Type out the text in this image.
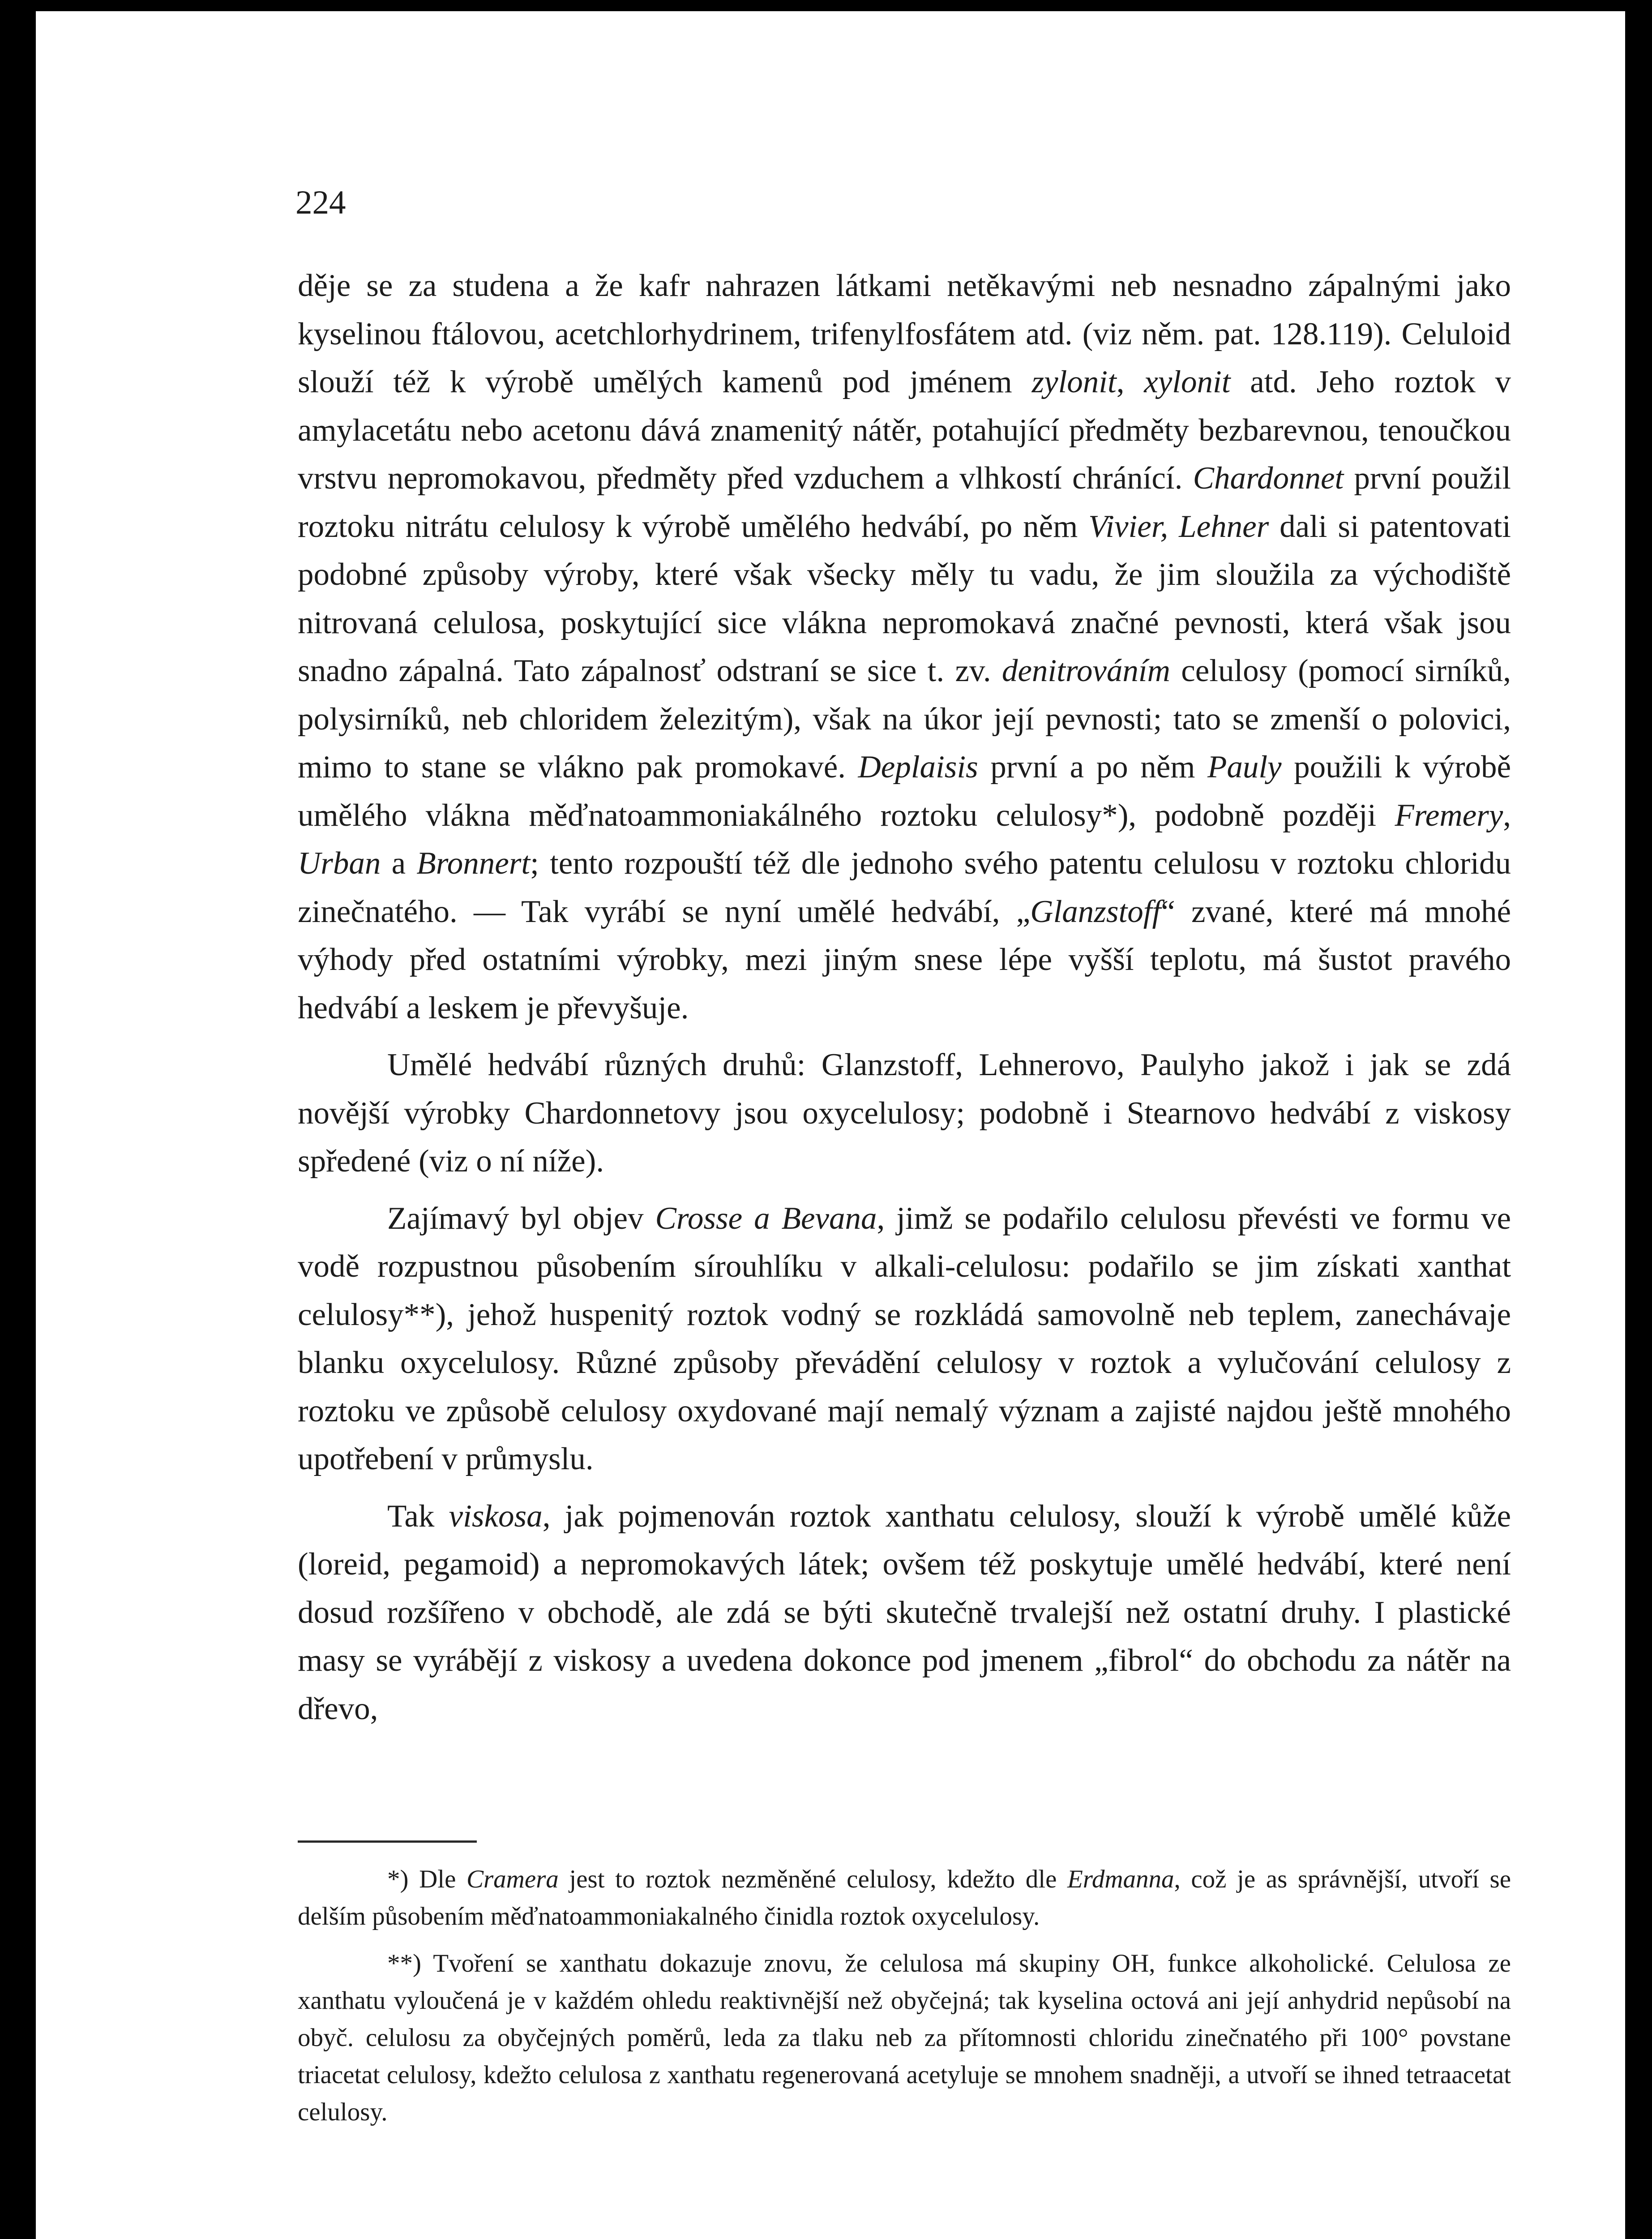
224

děje se za studena a že kafr nahrazen látkami netěkavými neb nesnadno zápalnými jako kyselinou ftálovou, acetchlorhydrinem, trifenylfosfátem atd. (viz něm. pat. 128.119). Celuloid slouží též k výrobě umělých kamenů pod jménem zylonit, xylonit atd. Jeho roztok v amylacetátu nebo acetonu dává znamenitý nátěr, potahující předměty bezbarevnou, tenoučkou vrstvu nepromokavou, předměty před vzduchem a vlhkostí chránící. Chardonnet první použil roztoku nitrátu celulosy k výrobě umělého hedvábí, po něm Vivier, Lehner dali si patentovati podobné způsoby výroby, které však všecky měly tu vadu, že jim sloužila za východiště nitrovaná celulosa, poskytující sice vlákna nepromokavá značné pevnosti, která však jsou snadno zápalná. Tato zápalnosť odstraní se sice t. zv. denitrováním celulosy (pomocí sirníků, polysirníků, neb chloridem železitým), však na úkor její pevnosti; tato se zmenší o polovici, mimo to stane se vlákno pak promokavé. Deplaisis první a po něm Pauly použili k výrobě umělého vlákna měďnatoammoniakálného roztoku celulosy*), podobně později Fremery, Urban a Bronnert; tento rozpouští též dle jednoho svého patentu celulosu v roztoku chloridu zinečnatého. — Tak vyrábí se nyní umělé hedvábí, „Glanzstoff“ zvané, které má mnohé výhody před ostatními výrobky, mezi jiným snese lépe vyšší teplotu, má šustot pravého hedvábí a leskem je převyšuje.

Umělé hedvábí různých druhů: Glanzstoff, Lehnerovo, Paulyho jakož i jak se zdá novější výrobky Chardonnetovy jsou oxycelulosy; podobně i Stearnovo hedvábí z viskosy spředené (viz o ní níže).

Zajímavý byl objev Crosse a Bevana, jimž se podařilo celulosu převésti ve formu ve vodě rozpustnou působením sírouhlíku v alkali-celulosu: podařilo se jim získati xanthat celulosy**), jehož huspenitý roztok vodný se rozkládá samovolně neb teplem, zanechávaje blanku oxycelulosy. Různé způsoby převádění celulosy v roztok a vylučování celulosy z roztoku ve způsobě celulosy oxydované mají nemalý význam a zajisté najdou ještě mnohého upotřebení v průmyslu.

Tak viskosa, jak pojmenován roztok xanthatu celulosy, slouží k výrobě umělé kůže (loreid, pegamoid) a nepromokavých látek; ovšem též poskytuje umělé hedvábí, které není dosud rozšířeno v obchodě, ale zdá se býti skutečně trvalejší než ostatní druhy. I plastické masy se vyrábějí z viskosy a uvedena dokonce pod jmenem „fibrol“ do obchodu za nátěr na dřevo,

*) Dle Cramera jest to roztok nezměněné celulosy, kdežto dle Erdmanna, což je as správnější, utvoří se delším působením měďnatoammoniakalného činidla roztok oxycelulosy.

**) Tvoření se xanthatu dokazuje znovu, že celulosa má skupiny OH, funkce alkoholické. Celulosa ze xanthatu vyloučená je v každém ohledu reaktivnější než obyčejná; tak kyselina octová ani její anhydrid nepůsobí na obyč. celulosu za obyčejných poměrů, leda za tlaku neb za přítomnosti chloridu zinečnatého při 100° povstane triacetat celulosy, kdežto celulosa z xanthatu regenerovaná acetyluje se mnohem snadněji, a utvoří se ihned tetraacetat celulosy.
